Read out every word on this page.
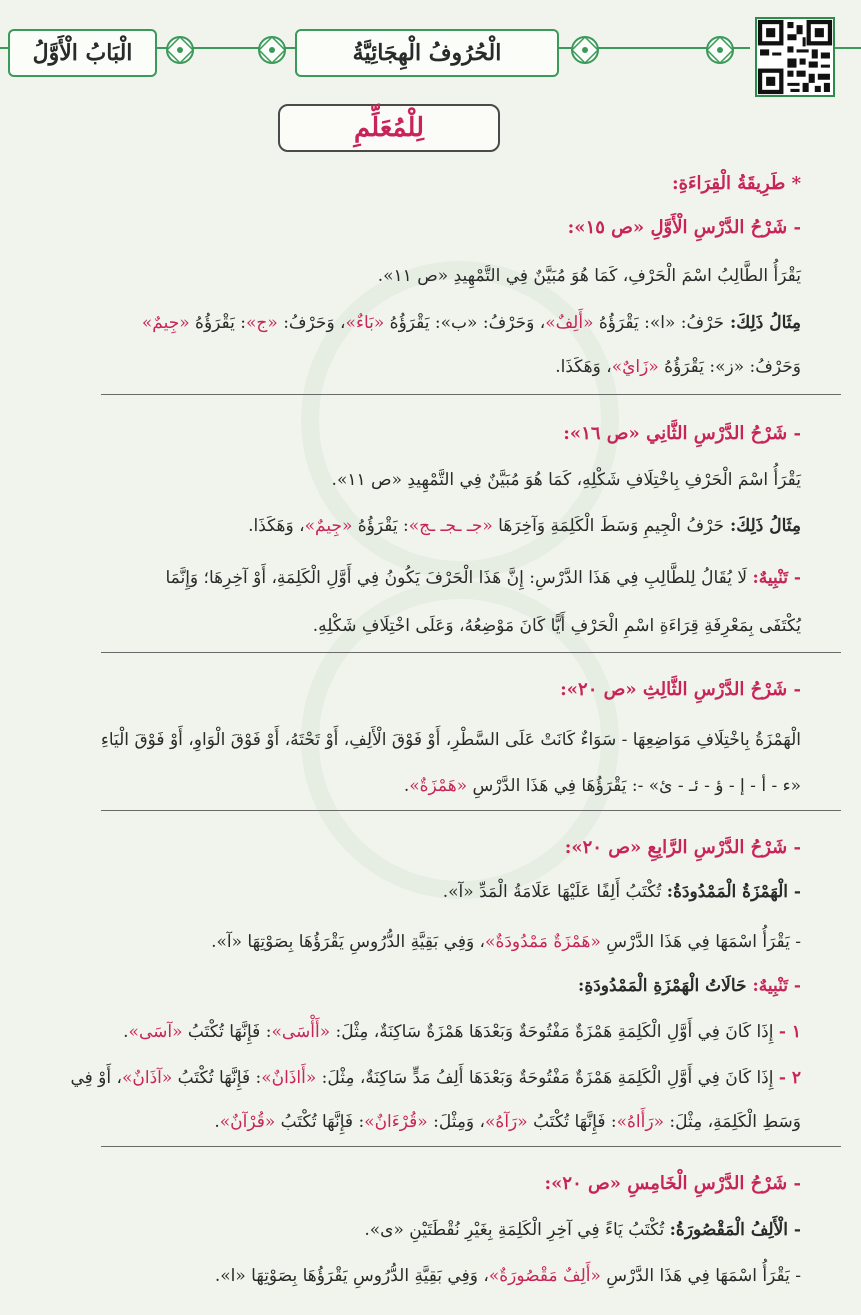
الْبَابُ الْأَوَّلُ	الْحُرُوفُ الْهِجَائِيَّةُ
لِلْمُعَلِّمِ
* طَرِيقَةُ الْقِرَاءَةِ:
- شَرْحُ الدَّرْسِ الْأَوَّلِ «ص ١٥»:
يَقْرَأُ الطَّالِبُ اسْمَ الْحَرْفِ، كَمَا هُوَ مُبَيَّنٌ فِي التَّمْهِيدِ «ص ١١».
مِثَالُ ذَلِكَ: حَرْفُ: «ا»: يَقْرَؤُهُ «أَلِفٌ»، وَحَرْفُ: «ب»: يَقْرَؤُهُ «بَاءٌ»، وَحَرْفُ: «ج»: يَقْرَؤُهُ «جِيمٌ»
وَحَرْفُ: «ز»: يَقْرَؤُهُ «زَايٌ»، وَهَكَذَا.
- شَرْحُ الدَّرْسِ الثَّانِي «ص ١٦»:
يَقْرَأُ اسْمَ الْحَرْفِ بِاخْتِلَافِ شَكْلِهِ، كَمَا هُوَ مُبَيَّنٌ فِي التَّمْهِيدِ «ص ١١».
مِثَالُ ذَلِكَ: حَرْفُ الْجِيمِ وَسَطَ الْكَلِمَةِ وَآخِرَهَا «جـ ـجـ ـج»: يَقْرَؤُهُ «جِيمٌ»، وَهَكَذَا.
- تَنْبِيهٌ: لَا يُقَالُ لِلطَّالِبِ فِي هَذَا الدَّرْسِ: إِنَّ هَذَا الْحَرْفَ يَكُونُ فِي أَوَّلِ الْكَلِمَةِ، أَوْ آخِرِهَا؛ وَإِنَّمَا
يُكْتَفَى بِمَعْرِفَةِ قِرَاءَةِ اسْمِ الْحَرْفِ أَيًّا كَانَ مَوْضِعُهُ، وَعَلَى اخْتِلَافِ شَكْلِهِ.
- شَرْحُ الدَّرْسِ الثَّالِثِ «ص ٢٠»:
الْهَمْزَةُ بِاخْتِلَافِ مَوَاضِعِهَا - سَوَاءٌ كَانَتْ عَلَى السَّطْرِ، أَوْ فَوْقَ الْأَلِفِ، أَوْ تَحْتَهُ، أَوْ فَوْقَ الْوَاوِ، أَوْ فَوْقَ الْيَاءِ
«ء - أ - إ - ؤ - ئـ - ئ» -: يَقْرَؤُهَا فِي هَذَا الدَّرْسِ «هَمْزَةٌ».
- شَرْحُ الدَّرْسِ الرَّابِعِ «ص ٢٠»:
- الْهَمْزَةُ الْمَمْدُودَةُ: تُكْتَبُ أَلِفًا عَلَيْهَا عَلَامَةُ الْمَدِّ «آ».
- يَقْرَأُ اسْمَهَا فِي هَذَا الدَّرْسِ «هَمْزَةٌ مَمْدُودَةٌ»، وَفِي بَقِيَّةِ الدُّرُوسِ يَقْرَؤُهَا بِصَوْتِهَا «آ».
- تَنْبِيهٌ: حَالَاتُ الْهَمْزَةِ الْمَمْدُودَةِ:
١ - إِذَا كَانَ فِي أَوَّلِ الْكَلِمَةِ هَمْزَةٌ مَفْتُوحَةٌ وَبَعْدَهَا هَمْزَةٌ سَاكِنَةٌ، مِثْلَ: «أَأْسَى»: فَإِنَّهَا تُكْتَبُ «آسَى».
٢ - إِذَا كَانَ فِي أَوَّلِ الْكَلِمَةِ هَمْزَةٌ مَفْتُوحَةٌ وَبَعْدَهَا أَلِفُ مَدٍّ سَاكِنَةٌ، مِثْلَ: «أَاذَانٌ»: فَإِنَّهَا تُكْتَبُ «آذَانٌ»، أَوْ فِي
وَسَطِ الْكَلِمَةِ، مِثْلَ: «رَأَاهُ»: فَإِنَّهَا تُكْتَبُ «رَآهُ»، وَمِثْلَ: «قُرْءَانٌ»: فَإِنَّهَا تُكْتَبُ «قُرْآنٌ».
- شَرْحُ الدَّرْسِ الْخَامِسِ «ص ٢٠»:
- الْأَلِفُ الْمَقْصُورَةُ: تُكْتَبُ يَاءً فِي آخِرِ الْكَلِمَةِ بِغَيْرِ نُقْطَتَيْنِ «ى».
- يَقْرَأُ اسْمَهَا فِي هَذَا الدَّرْسِ «أَلِفٌ مَقْصُورَةٌ»، وَفِي بَقِيَّةِ الدُّرُوسِ يَقْرَؤُهَا بِصَوْتِهَا «ا».
